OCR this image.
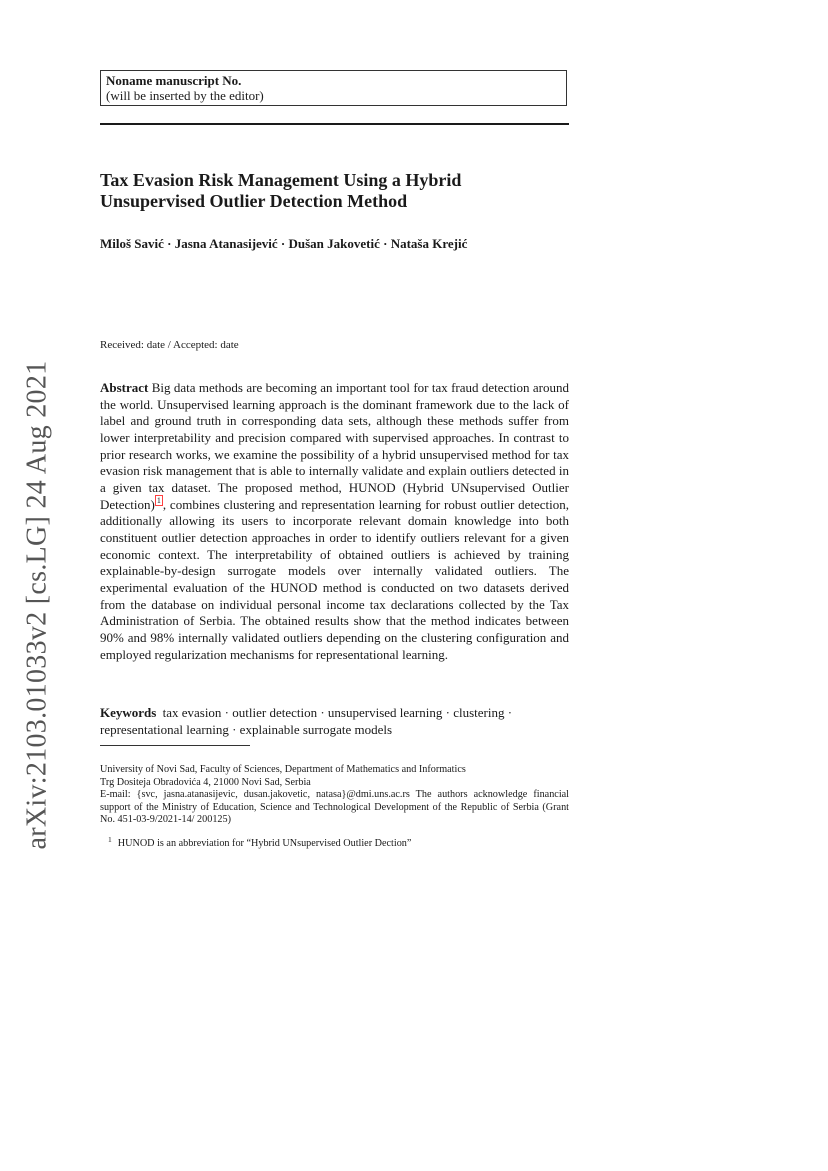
arXiv:2103.01033v2 [cs.LG] 24 Aug 2021
Noname manuscript No.
(will be inserted by the editor)
Tax Evasion Risk Management Using a Hybrid Unsupervised Outlier Detection Method
Miloš Savić · Jasna Atanasijević · Dušan Jakovetić · Nataša Krejić
Received: date / Accepted: date
Abstract Big data methods are becoming an important tool for tax fraud detection around the world. Unsupervised learning approach is the dominant framework due to the lack of label and ground truth in corresponding data sets, although these methods suffer from lower interpretability and precision compared with supervised approaches. In contrast to prior research works, we examine the possibility of a hybrid unsupervised method for tax evasion risk management that is able to internally validate and explain outliers detected in a given tax dataset. The proposed method, HUNOD (Hybrid UNsupervised Outlier Detection) $^1$ , combines clustering and representation learning for robust outlier detection, additionally allowing its users to incorporate relevant domain knowledge into both constituent outlier detection approaches in order to identify outliers relevant for a given economic context. The interpretability of obtained outliers is achieved by training explainable-by-design surrogate models over internally validated outliers. The experimental evaluation of the HUNOD method is conducted on two datasets derived from the database on individual personal income tax declarations collected by the Tax Administration of Serbia. The obtained results show that the method indicates between 90% and 98% internally validated outliers depending on the clustering configuration and employed regularization mechanisms for representational learning.
Keywords tax evasion · outlier detection · unsupervised learning · clustering · representational learning · explainable surrogate models
University of Novi Sad, Faculty of Sciences, Department of Mathematics and Informatics
Trg Dositeja Obradovića 4, 21000 Novi Sad, Serbia
E-mail: {svc, jasna.atanasijevic, dusan.jakovetic, natasa}@dmi.uns.ac.rs The authors acknowledge financial support of the Ministry of Education, Science and Technological Development of the Republic of Serbia (Grant No. 451-03-9/2021-14/ 200125)
$^1$ HUNOD is an abbreviation for “Hybrid UNsupervised Outlier Dection”
